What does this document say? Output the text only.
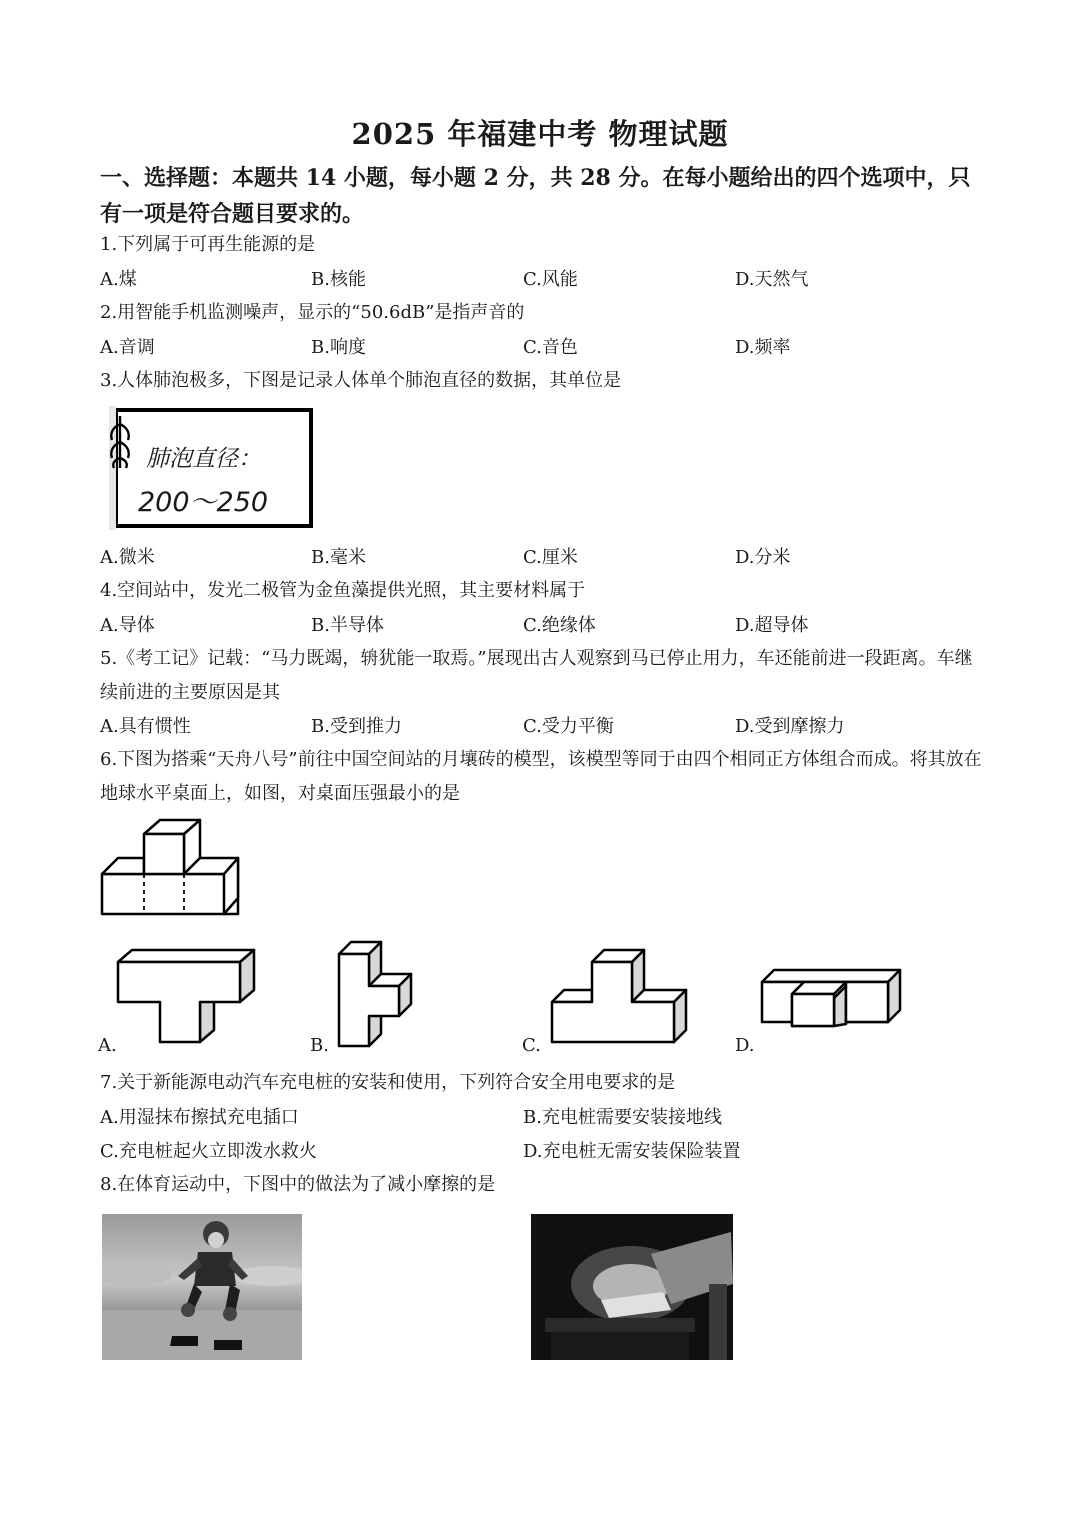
2025 年福建中考 物理试题
一、选择题：本题共 14 小题，每小题 2 分，共 28 分。在每小题给出的四个选项中，只有一项是符合题目要求的。
1.下列属于可再生能源的是
A.煤	B.核能	C.风能	D.天然气
2.用智能手机监测噪声，显示的“50.6dB”是指声音的
A.音调	B.响度	C.音色	D.频率
3.人体肺泡极多，下图是记录人体单个肺泡直径的数据，其单位是
肺泡直径：
200～250
A.微米	B.毫米	C.厘米	D.分米
4.空间站中，发光二极管为金鱼藻提供光照，其主要材料属于
A.导体	B.半导体	C.绝缘体	D.超导体
5.《考工记》记载：“马力既竭，辀犹能一取焉。”展现出古人观察到马已停止用力，车还能前进一段距离。车继续前进的主要原因是其
A.具有惯性	B.受到推力	C.受力平衡	D.受到摩擦力
6.下图为搭乘“天舟八号”前往中国空间站的月壤砖的模型，该模型等同于由四个相同正方体组合而成。将其放在地球水平桌面上，如图，对桌面压强最小的是
A.	B.	C.	D.
7.关于新能源电动汽车充电桩的安装和使用，下列符合安全用电要求的是
A.用湿抹布擦拭充电插口	B.充电桩需要安装接地线
C.充电桩起火立即泼水救火	D.充电桩无需安装保险装置
8.在体育运动中，下图中的做法为了减小摩擦的是
